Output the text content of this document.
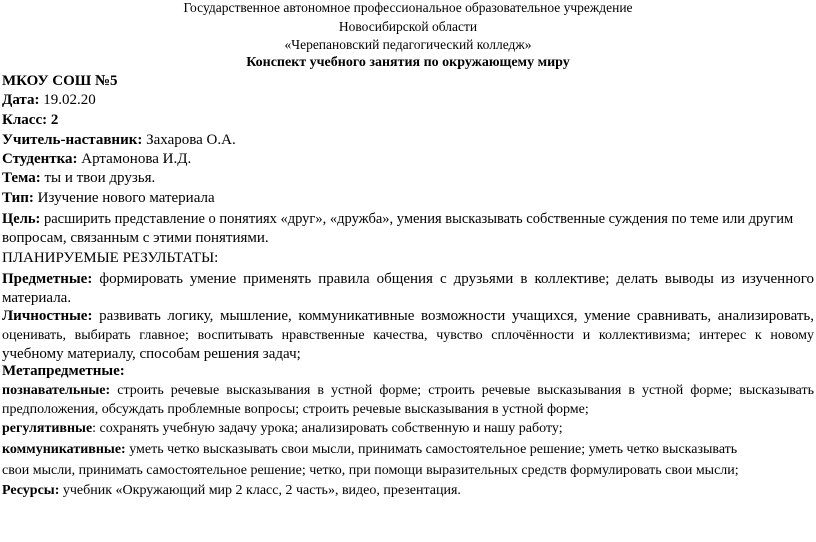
Государственное автономное профессиональное образовательное учреждение
Новосибирской области
«Черепановский педагогический колледж»
Конспект учебного занятия по окружающему миру
МКОУ СОШ №5
Дата: 19.02.20
Класс: 2
Учитель-наставник: Захарова О.А.
Студентка: Артамонова И.Д.
Тема: ты и твои друзья.
Тип: Изучение нового материала
Цель: расширить представление о понятиях «друг», «дружба», умения высказывать собственные суждения по теме или другим
вопросам, связанным с этими понятиями.
ПЛАНИРУЕМЫЕ РЕЗУЛЬТАТЫ:
Предметные: формировать умение применять правила общения с друзьями в коллективе; делать выводы из изученного
материала.
Личностные: развивать логику, мышление, коммуникативные возможности учащихся, умение сравнивать, анализировать,
оценивать, выбирать главное; воспитывать нравственные качества, чувство сплочённости и коллективизма; интерес к новому
учебному материалу, способам решения задач;
Метапредметные:
познавательные: строить речевые высказывания в устной форме; строить речевые высказывания в устной форме; высказывать
предположения, обсуждать проблемные вопросы; строить речевые высказывания в устной форме;
регулятивные: сохранять учебную задачу урока; анализировать собственную и нашу работу;
коммуникативные: уметь четко высказывать свои мысли, принимать самостоятельное решение; уметь четко высказывать
свои мысли, принимать самостоятельное решение; четко, при помощи выразительных средств формулировать свои мысли;
Ресурсы: учебник «Окружающий мир 2 класс, 2 часть», видео, презентация.
